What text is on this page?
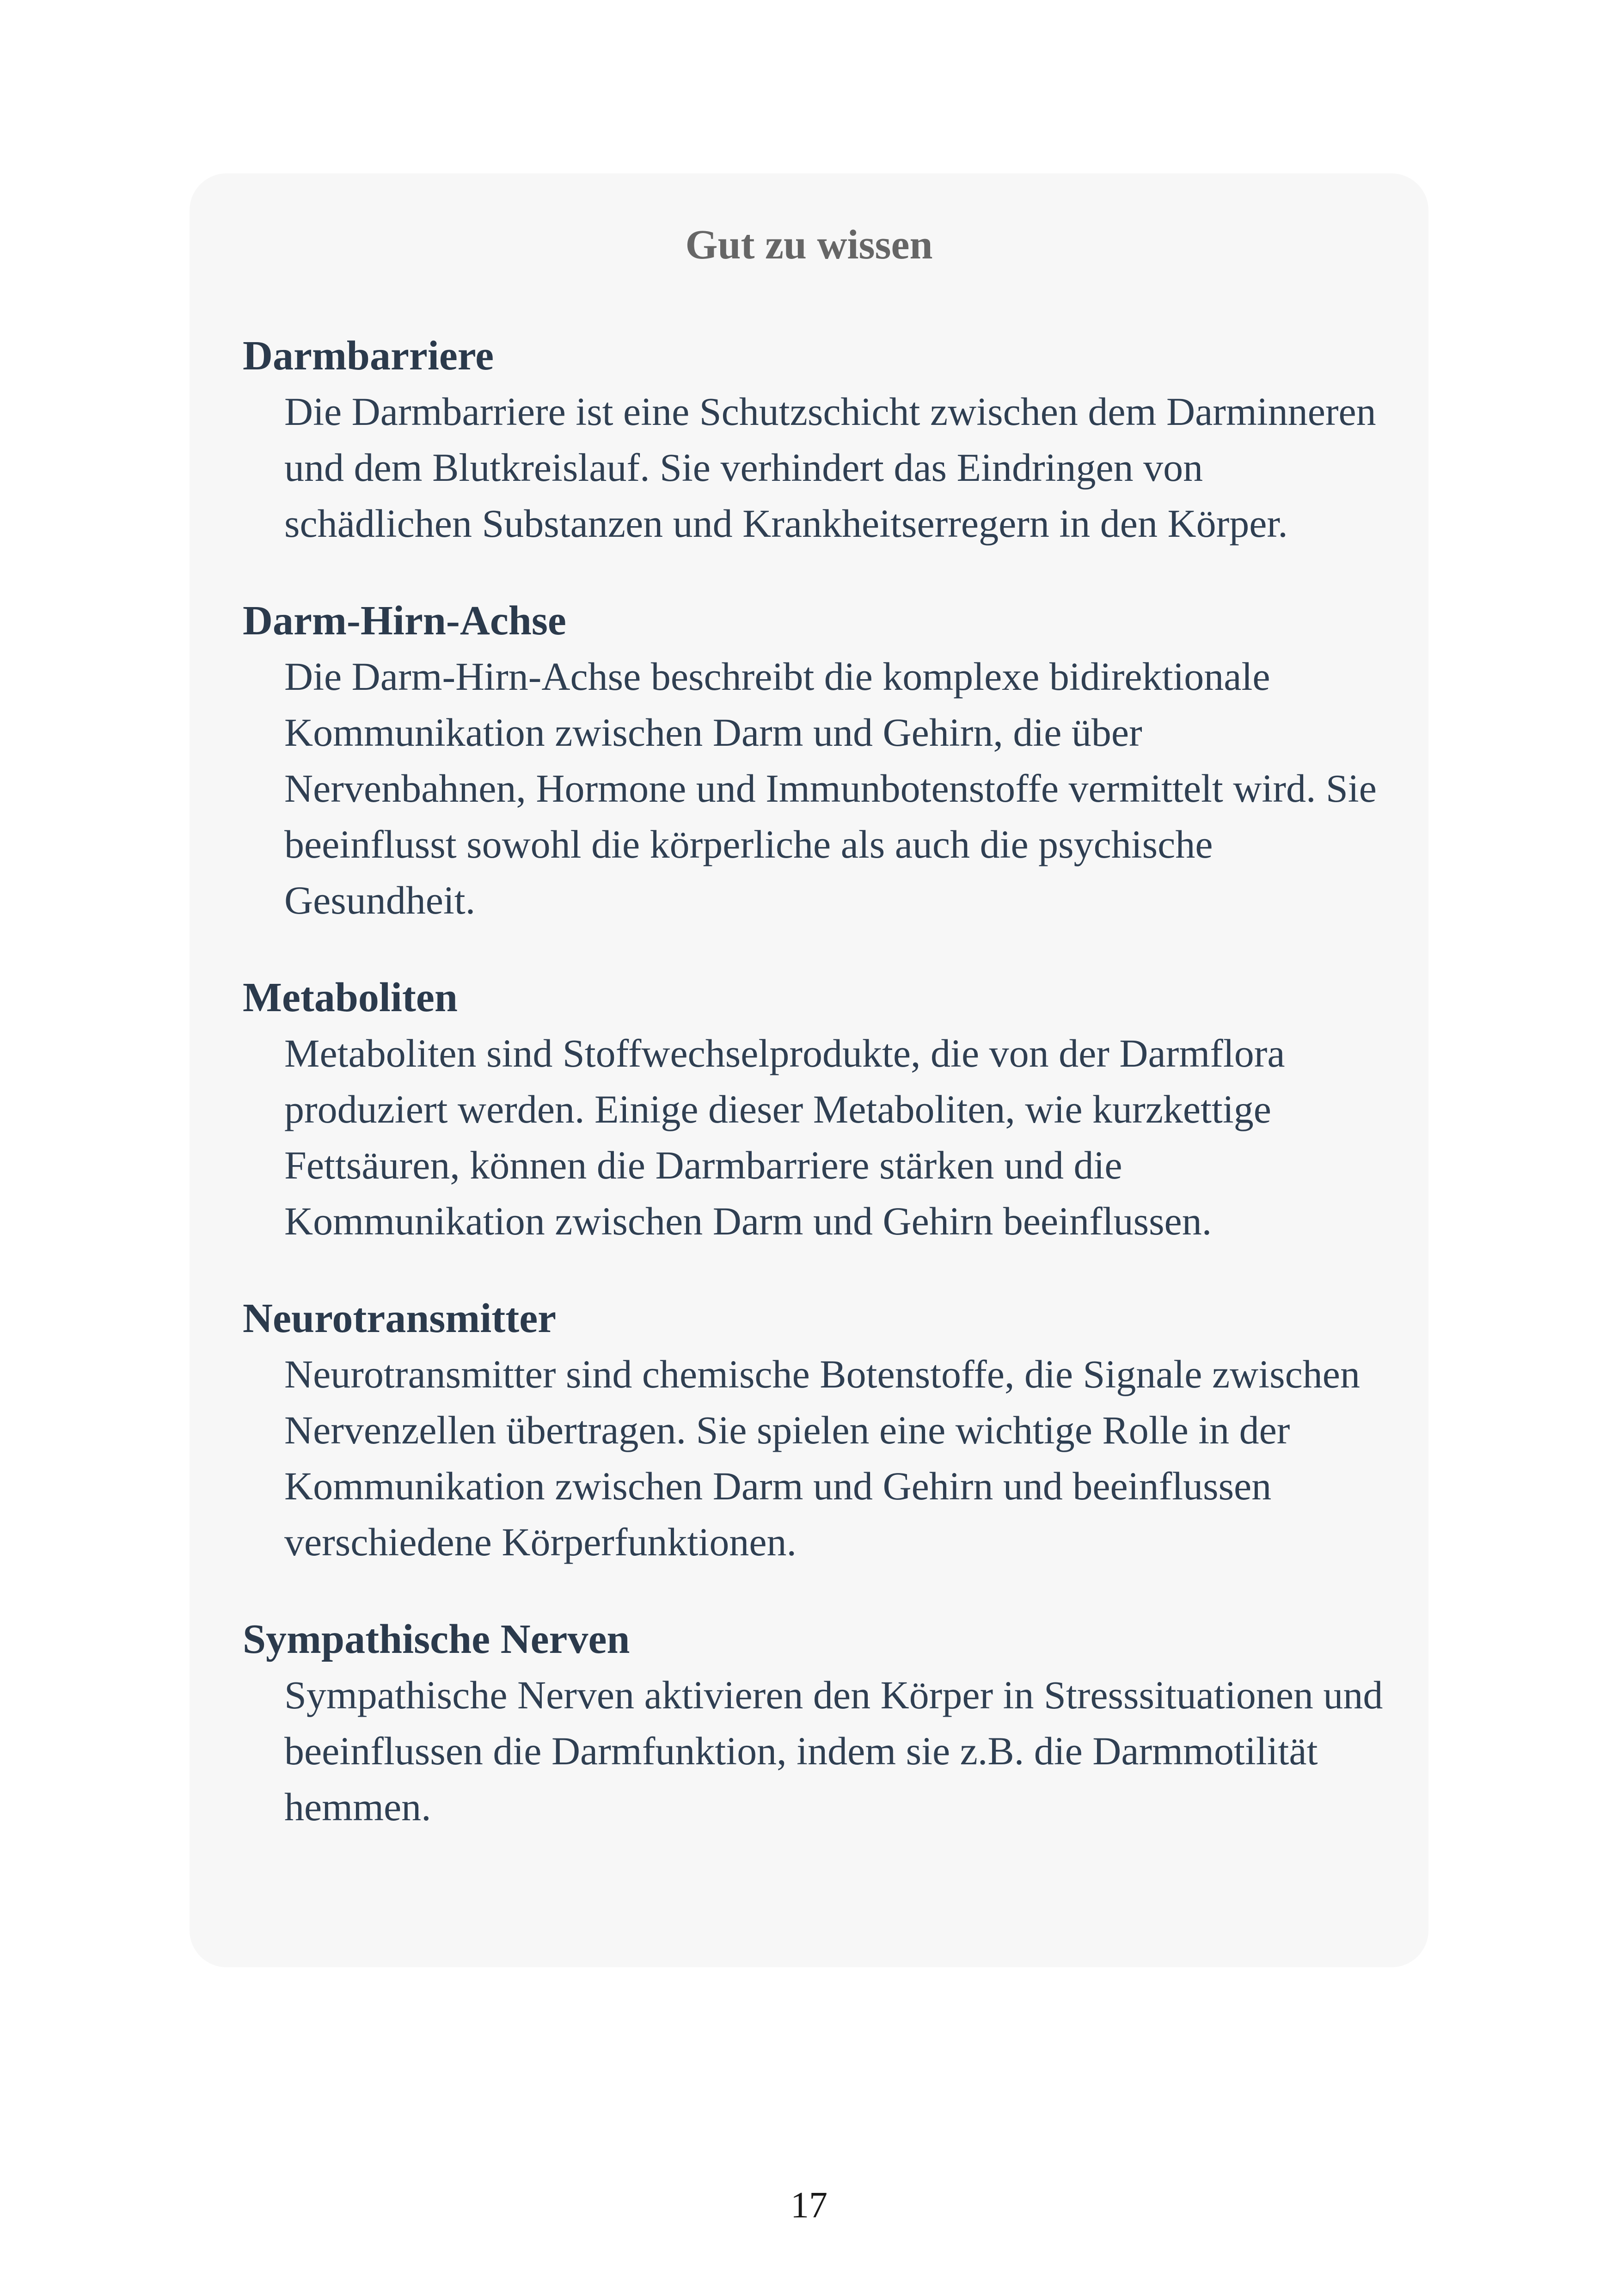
Gut zu wissen
Darmbarriere
Die Darmbarriere ist eine Schutzschicht zwischen dem Darminneren und dem Blutkreislauf. Sie verhindert das Eindringen von schädlichen Substanzen und Krankheitserregern in den Körper.
Darm-Hirn-Achse
Die Darm-Hirn-Achse beschreibt die komplexe bidirektionale Kommunikation zwischen Darm und Gehirn, die über Nervenbahnen, Hormone und Immunbotenstoffe vermittelt wird. Sie beeinflusst sowohl die körperliche als auch die psychische Gesundheit.
Metaboliten
Metaboliten sind Stoffwechselprodukte, die von der Darmflora produziert werden. Einige dieser Metaboliten, wie kurzkettige Fettsäuren, können die Darmbarriere stärken und die Kommunikation zwischen Darm und Gehirn beeinflussen.
Neurotransmitter
Neurotransmitter sind chemische Botenstoffe, die Signale zwischen Nervenzellen übertragen. Sie spielen eine wichtige Rolle in der Kommunikation zwischen Darm und Gehirn und beeinflussen verschiedene Körperfunktionen.
Sympathische Nerven
Sympathische Nerven aktivieren den Körper in Stresssituationen und beeinflussen die Darmfunktion, indem sie z.B. die Darmmotilität hemmen.
17
